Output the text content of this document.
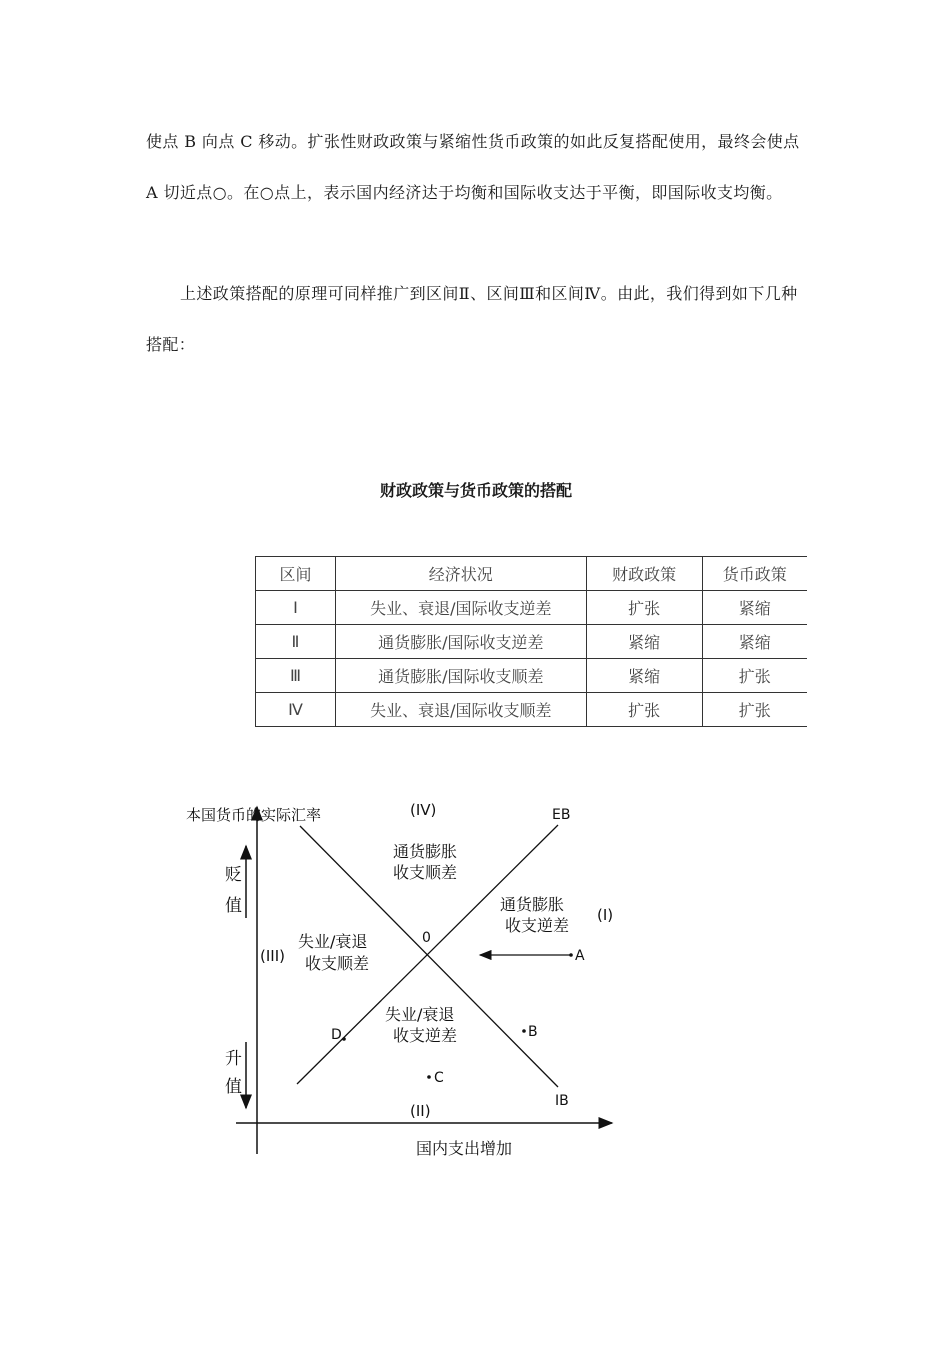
使点 B 向点 C 移动。扩张性财政政策与紧缩性货币政策的如此反复搭配使用，最终会使点 A 切近点○。在○点上，表示国内经济达于均衡和国际收支达于平衡，即国际收支均衡。

上述政策搭配的原理可同样推广到区间Ⅱ、区间Ⅲ和区间Ⅳ。由此，我们得到如下几种搭配：

财政政策与货币政策的搭配
区间	经济状况	财政政策	货币政策
Ⅰ	失业、衰退/国际收支逆差	扩张	紧缩
Ⅱ	通货膨胀/国际收支逆差	紧缩	紧缩
Ⅲ	通货膨胀/国际收支顺差	紧缩	扩张
Ⅳ	失业、衰退/国际收支顺差	扩张	扩张
本国货币的实际汇率
国内支出增加
贬
值
升
值
EB
IB
0
(IV)
通货膨胀
收支顺差
通货膨胀
收支逆差
(I)
(III)
失业/衰退
收支顺差
失业/衰退
收支逆差
(II)
A
B
C
D
